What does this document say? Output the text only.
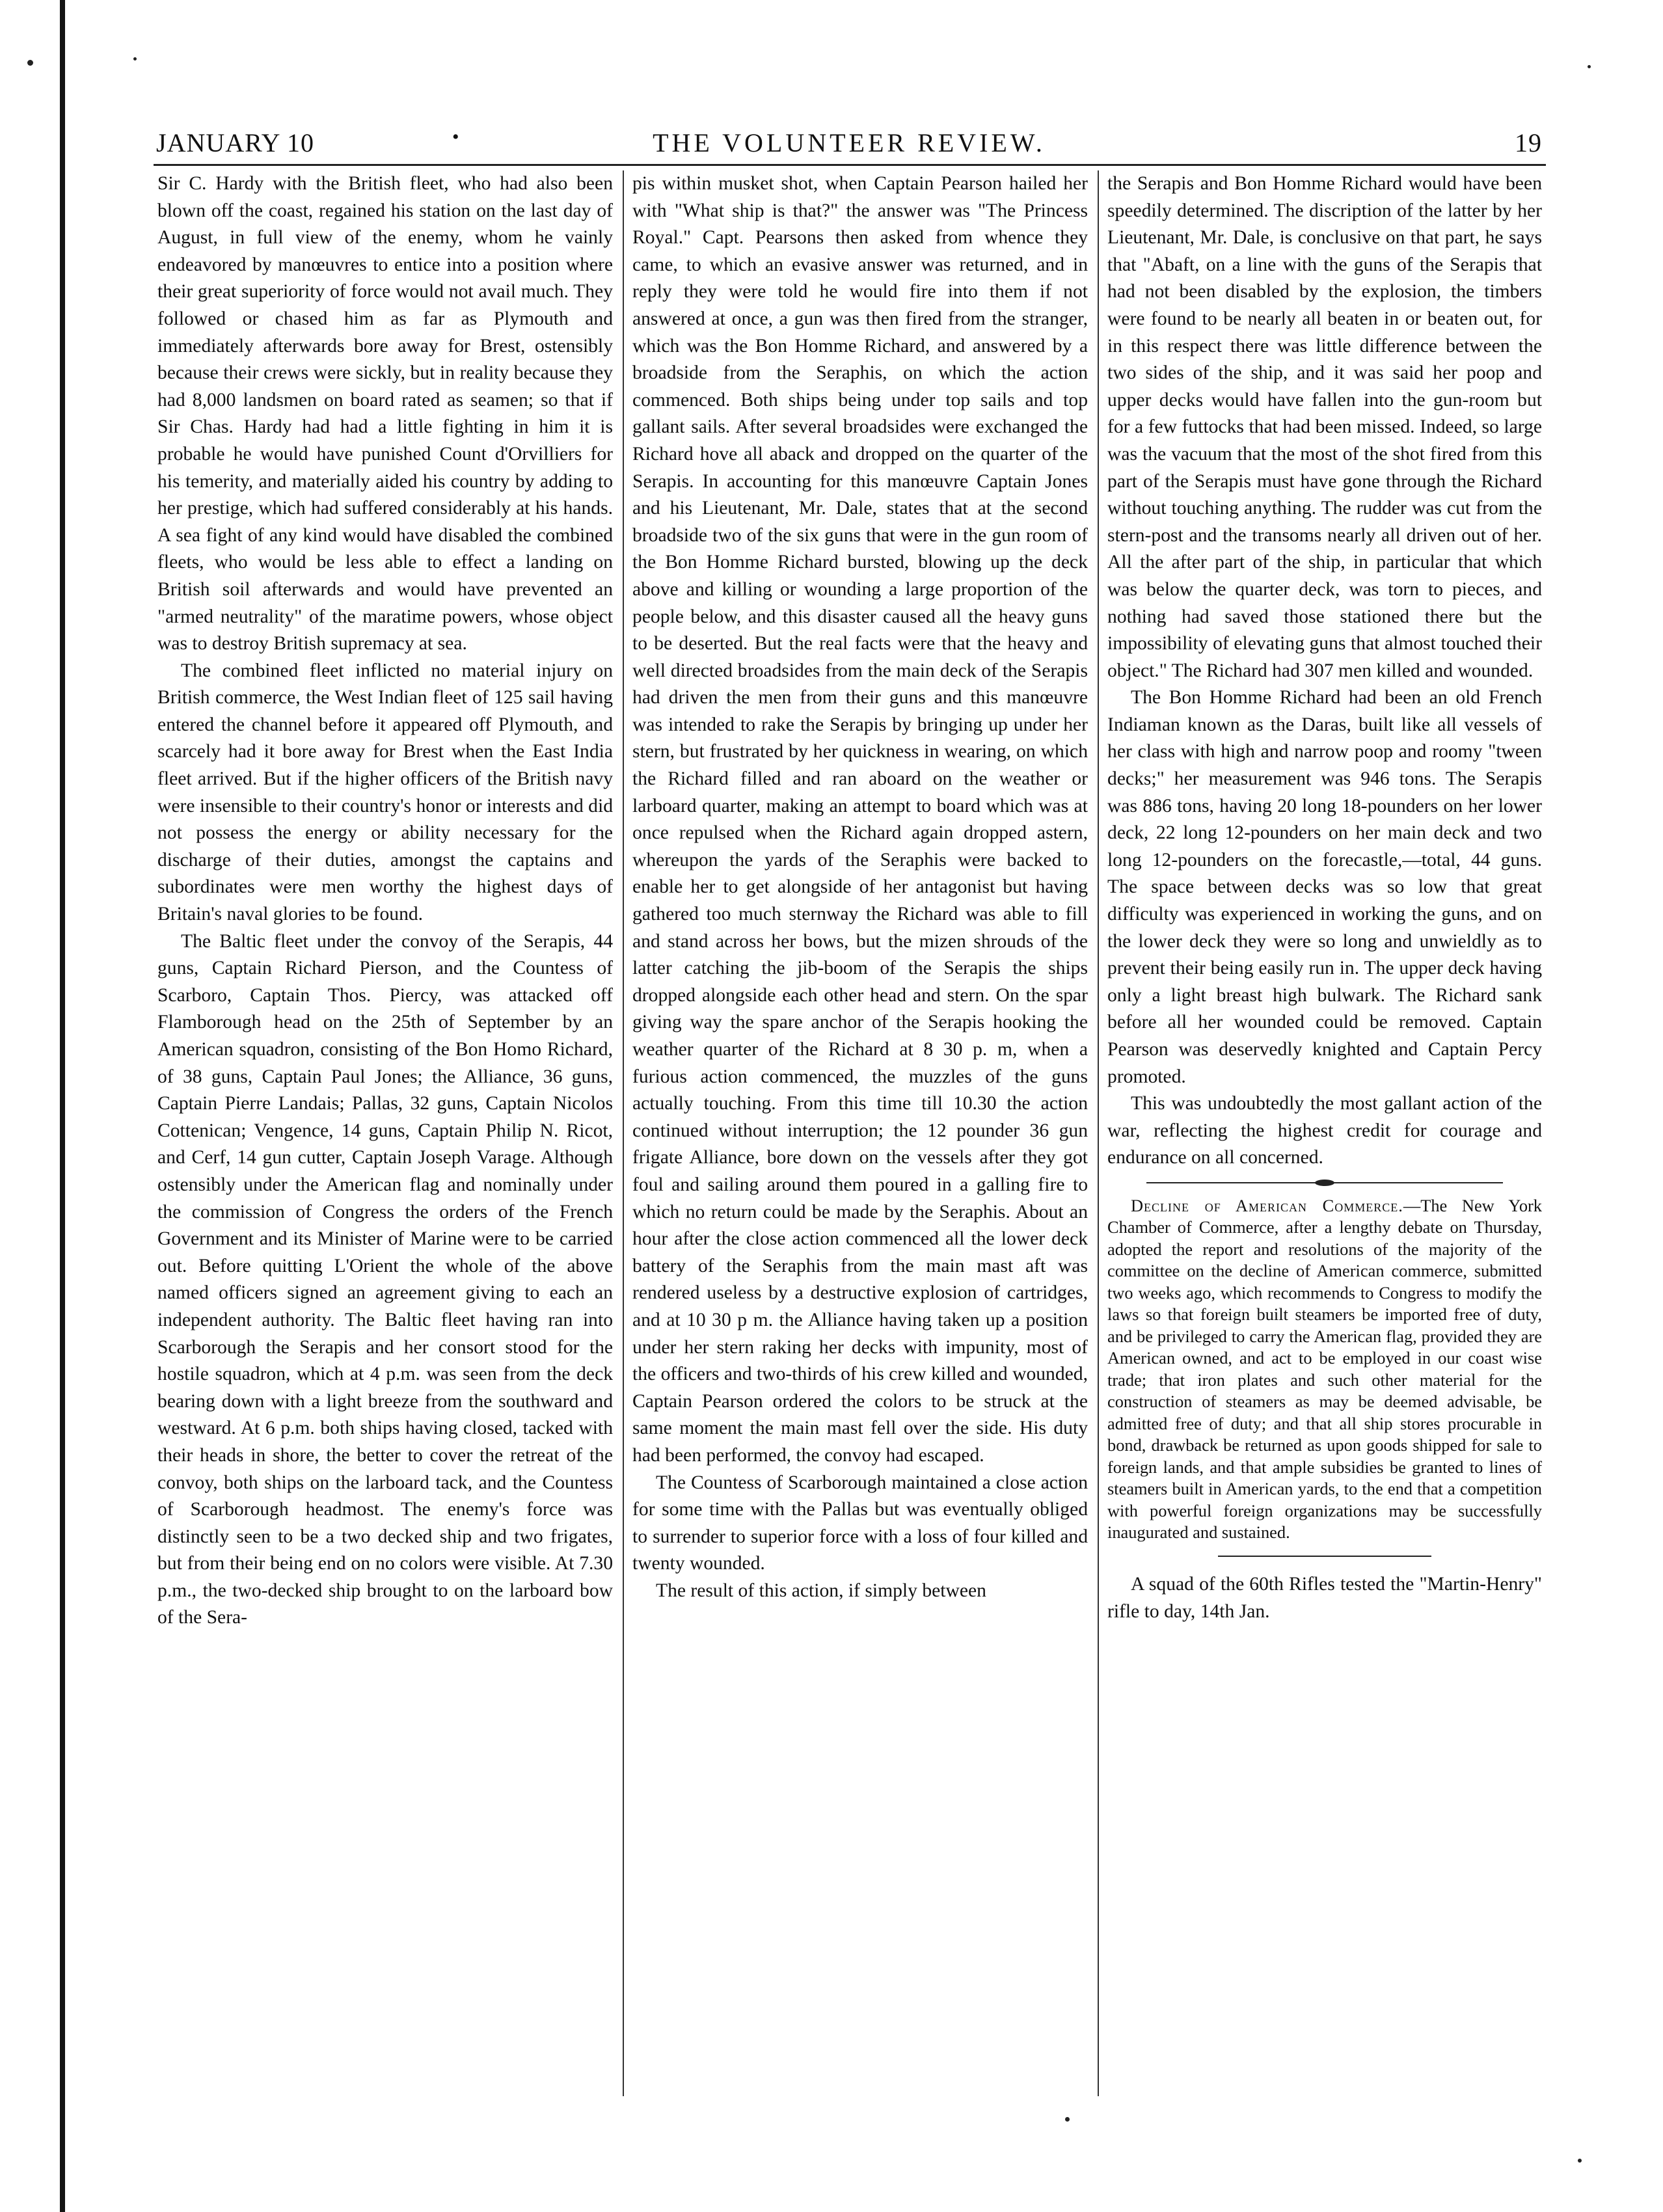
JANUARY 10	•	THE VOLUNTEER REVIEW.	19

Sir C. Hardy with the British fleet, who had also been blown off the coast, regained his station on the last day of August, in full view of the enemy, whom he vainly endeavored by manœuvres to entice into a position where their great superiority of force would not avail much. They followed or chased him as far as Plymouth and immediately afterwards bore away for Brest, ostensibly because their crews were sickly, but in reality because they had 8,000 landsmen on board rated as seamen; so that if Sir Chas. Hardy had had a little fighting in him it is probable he would have punished Count d'Orvilliers for his temerity, and materially aided his country by adding to her prestige, which had suffered considerably at his hands. A sea fight of any kind would have disabled the combined fleets, who would be less able to effect a landing on British soil afterwards and would have prevented an "armed neutrality" of the maratime powers, whose object was to destroy British supremacy at sea.

The combined fleet inflicted no material injury on British commerce, the West Indian fleet of 125 sail having entered the channel before it appeared off Plymouth, and scarcely had it bore away for Brest when the East India fleet arrived. But if the higher officers of the British navy were insensible to their country's honor or interests and did not possess the energy or ability necessary for the discharge of their duties, amongst the captains and subordinates were men worthy the highest days of Britain's naval glories to be found.

The Baltic fleet under the convoy of the Serapis, 44 guns, Captain Richard Pierson, and the Countess of Scarboro, Captain Thos. Piercy, was attacked off Flamborough head on the 25th of September by an American squadron, consisting of the Bon Homo Richard, of 38 guns, Captain Paul Jones; the Alliance, 36 guns, Captain Pierre Landais; Pallas, 32 guns, Captain Nicolos Cottenican; Vengence, 14 guns, Captain Philip N. Ricot, and Cerf, 14 gun cutter, Captain Joseph Varage. Although ostensibly under the American flag and nominally under the commission of Congress the orders of the French Government and its Minister of Marine were to be carried out. Before quitting L'Orient the whole of the above named officers signed an agreement giving to each an independent authority. The Baltic fleet having ran into Scarborough the Serapis and her consort stood for the hostile squadron, which at 4 p.m. was seen from the deck bearing down with a light breeze from the southward and westward. At 6 p.m. both ships having closed, tacked with their heads in shore, the better to cover the retreat of the convoy, both ships on the larboard tack, and the Countess of Scarborough headmost. The enemy's force was distinctly seen to be a two decked ship and two frigates, but from their being end on no colors were visible. At 7.30 p.m., the two-decked ship brought to on the larboard bow of the Sera-

pis within musket shot, when Captain Pearson hailed her with "What ship is that?" the answer was "The Princess Royal." Capt. Pearsons then asked from whence they came, to which an evasive answer was returned, and in reply they were told he would fire into them if not answered at once, a gun was then fired from the stranger, which was the Bon Homme Richard, and answered by a broadside from the Seraphis, on which the action commenced. Both ships being under top sails and top gallant sails. After several broadsides were exchanged the Richard hove all aback and dropped on the quarter of the Serapis. In accounting for this manœuvre Captain Jones and his Lieutenant, Mr. Dale, states that at the second broadside two of the six guns that were in the gun room of the Bon Homme Richard bursted, blowing up the deck above and killing or wounding a large proportion of the people below, and this disaster caused all the heavy guns to be deserted. But the real facts were that the heavy and well directed broadsides from the main deck of the Serapis had driven the men from their guns and this manœuvre was intended to rake the Serapis by bringing up under her stern, but frustrated by her quickness in wearing, on which the Richard filled and ran aboard on the weather or larboard quarter, making an attempt to board which was at once repulsed when the Richard again dropped astern, whereupon the yards of the Seraphis were backed to enable her to get alongside of her antagonist but having gathered too much sternway the Richard was able to fill and stand across her bows, but the mizen shrouds of the latter catching the jib-boom of the Serapis the ships dropped alongside each other head and stern. On the spar giving way the spare anchor of the Serapis hooking the weather quarter of the Richard at 8 30 p. m, when a furious action commenced, the muzzles of the guns actually touching. From this time till 10.30 the action continued without interruption; the 12 pounder 36 gun frigate Alliance, bore down on the vessels after they got foul and sailing around them poured in a galling fire to which no return could be made by the Seraphis. About an hour after the close action commenced all the lower deck battery of the Seraphis from the main mast aft was rendered useless by a destructive explosion of cartridges, and at 10 30 p m. the Alliance having taken up a position under her stern raking her decks with impunity, most of the officers and two-thirds of his crew killed and wounded, Captain Pearson ordered the colors to be struck at the same moment the main mast fell over the side. His duty had been performed, the convoy had escaped.

The Countess of Scarborough maintained a close action for some time with the Pallas but was eventually obliged to surrender to superior force with a loss of four killed and twenty wounded.

The result of this action, if simply between

the Serapis and Bon Homme Richard would have been speedily determined. The discription of the latter by her Lieutenant, Mr. Dale, is conclusive on that part, he says that "Abaft, on a line with the guns of the Serapis that had not been disabled by the explosion, the timbers were found to be nearly all beaten in or beaten out, for in this respect there was little difference between the two sides of the ship, and it was said her poop and upper decks would have fallen into the gun-room but for a few futtocks that had been missed. Indeed, so large was the vacuum that the most of the shot fired from this part of the Serapis must have gone through the Richard without touching anything. The rudder was cut from the stern-post and the transoms nearly all driven out of her. All the after part of the ship, in particular that which was below the quarter deck, was torn to pieces, and nothing had saved those stationed there but the impossibility of elevating guns that almost touched their object." The Richard had 307 men killed and wounded.

The Bon Homme Richard had been an old French Indiaman known as the Daras, built like all vessels of her class with high and narrow poop and roomy "tween decks;" her measurement was 946 tons. The Serapis was 886 tons, having 20 long 18-pounders on her lower deck, 22 long 12-pounders on her main deck and two long 12-pounders on the forecastle,—total, 44 guns. The space between decks was so low that great difficulty was experienced in working the guns, and on the lower deck they were so long and unwieldly as to prevent their being easily run in. The upper deck having only a light breast high bulwark. The Richard sank before all her wounded could be removed. Captain Pearson was deservedly knighted and Captain Percy promoted.

This was undoubtedly the most gallant action of the war, reflecting the highest credit for courage and endurance on all concerned.

Decline of American Commerce.—The New York Chamber of Commerce, after a lengthy debate on Thursday, adopted the report and resolutions of the majority of the committee on the decline of American commerce, submitted two weeks ago, which recommends to Congress to modify the laws so that foreign built steamers be imported free of duty, and be privileged to carry the American flag, provided they are American owned, and act to be employed in our coast wise trade; that iron plates and such other material for the construction of steamers as may be deemed advisable, be admitted free of duty; and that all ship stores procurable in bond, drawback be returned as upon goods shipped for sale to foreign lands, and that ample subsidies be granted to lines of steamers built in American yards, to the end that a competition with powerful foreign organizations may be successfully inaugurated and sustained.

A squad of the 60th Rifles tested the "Martin-Henry" rifle to day, 14th Jan.
